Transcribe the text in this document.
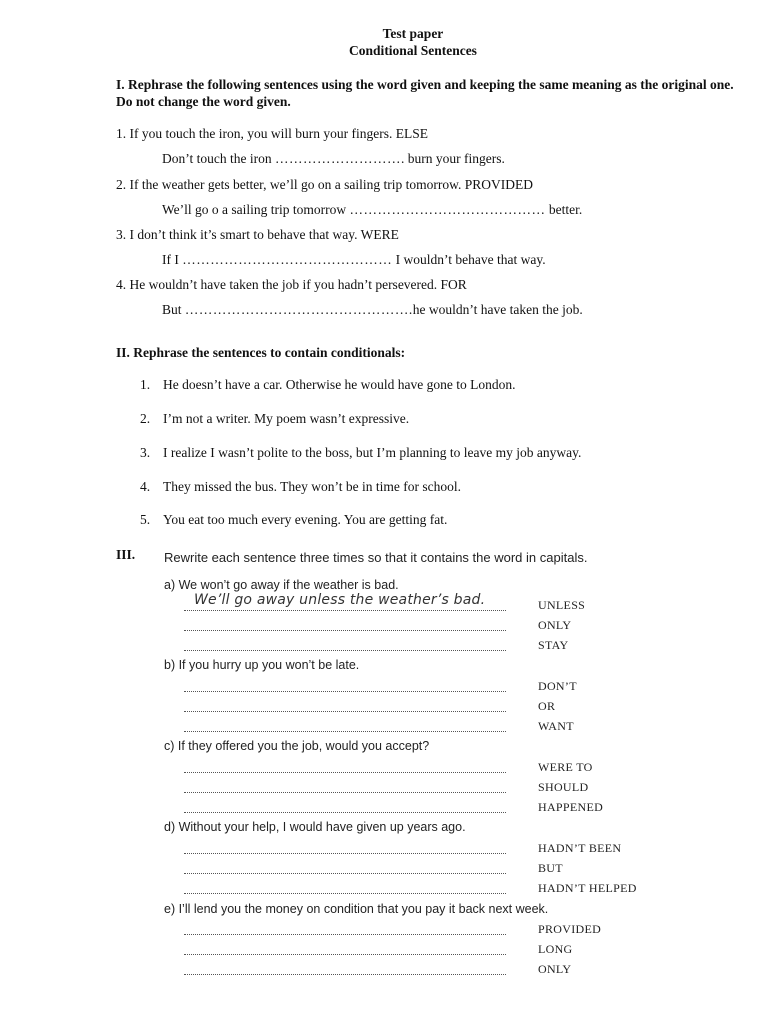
Test paper
Conditional Sentences
I. Rephrase the following sentences using the word given and keeping the same meaning as the original one. Do not change the word given.
1. If you touch the iron, you will burn your fingers. ELSE
Don’t touch the iron ………………………. burn your fingers.
2. If the weather gets better, we’ll go on a sailing trip tomorrow. PROVIDED
We’ll go o a sailing trip tomorrow …………………………………… better.
3. I don’t think it’s smart to behave that way. WERE
If I ……………………………………… I wouldn’t behave that way.
4. He wouldn’t have taken the job if you hadn’t persevered. FOR
But ………………………………………….he wouldn’t have taken the job.
II. Rephrase the sentences to contain conditionals:
1. He doesn’t have a car. Otherwise he would have gone to London.
2. I’m not a writer. My poem wasn’t expressive.
3. I realize I wasn’t polite to the boss, but I’m planning to leave my job anyway.
4. They missed the bus. They won’t be in time for school.
5. You eat too much every evening. You are getting fat.
III. Rewrite each sentence three times so that it contains the word in capitals.
a) We won’t go away if the weather is bad.
We’ll go away unless the weather’s bad.	UNLESS
ONLY
STAY
b) If you hurry up you won’t be late.
DON’T
OR
WANT
c) If they offered you the job, would you accept?
WERE TO
SHOULD
HAPPENED
d) Without your help, I would have given up years ago.
HADN’T BEEN
BUT
HADN’T HELPED
e) I’ll lend you the money on condition that you pay it back next week.
PROVIDED
LONG
ONLY
